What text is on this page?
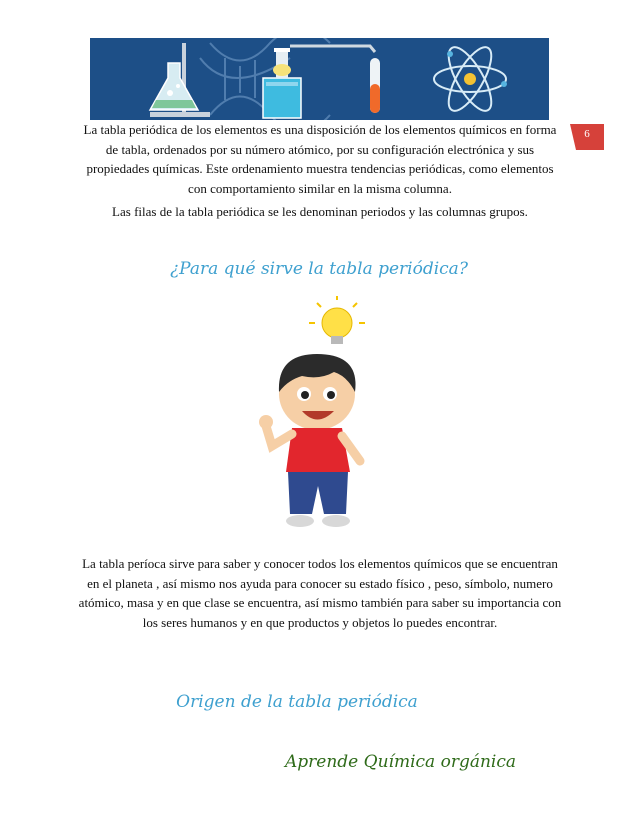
6

La tabla periódica de los elementos es una disposición de los elementos químicos en forma de tabla, ordenados por su número atómico, por su configuración electrónica y sus propiedades químicas. Este ordenamiento muestra tendencias periódicas, como elementos con comportamiento similar en la misma columna.

Las filas de la tabla periódica se les denominan periodos y las columnas grupos.

¿Para qué sirve la tabla periódica?

La tabla períoca sirve para saber y conocer todos los elementos químicos que se encuentran en el planeta , así mismo nos ayuda para conocer su estado físico , peso, símbolo, numero atómico, masa y en que clase se encuentra, así mismo también para saber su importancia con los seres humanos y en que productos y objetos lo puedes encontrar.

Origen de la tabla periódica

Aprende Química orgánica
